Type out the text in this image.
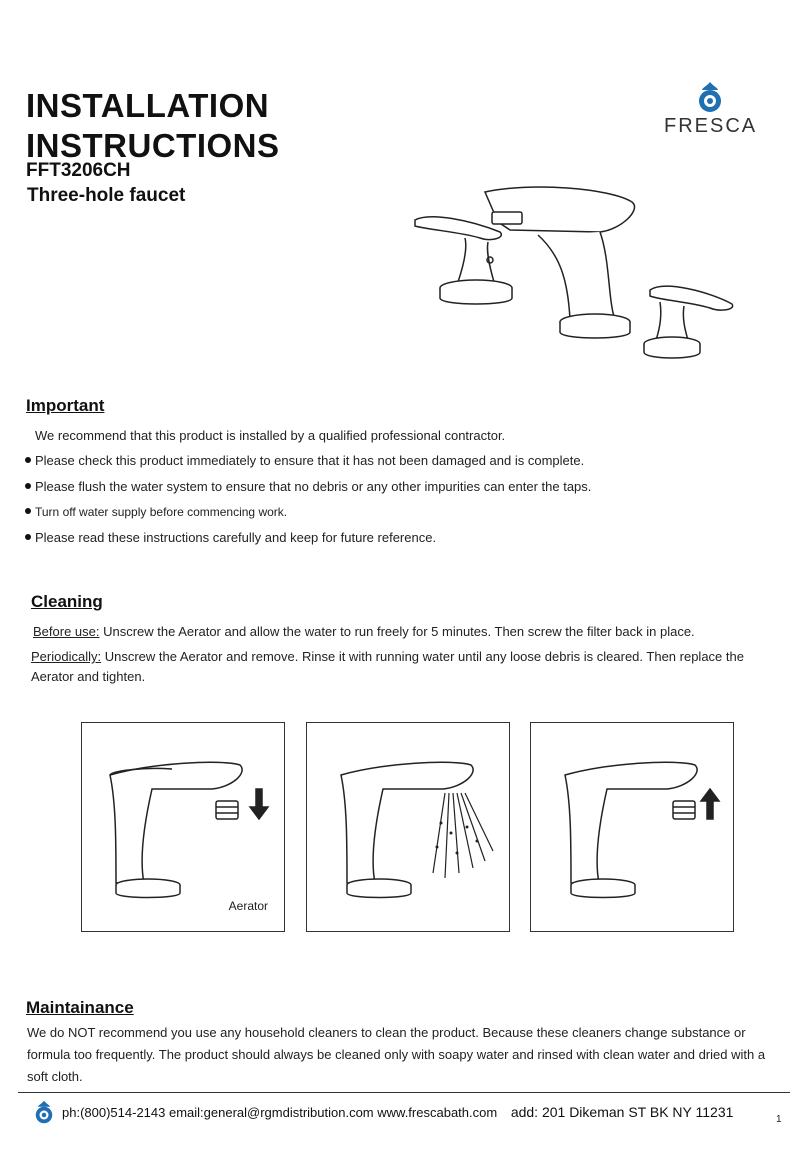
INSTALLATION
INSTRUCTIONS
FFT3206CH
Three-hole faucet
FRESCA
Important
We recommend that this product is installed by a qualified professional contractor.
Please check this product immediately to ensure that it has not been damaged and is complete.
Please flush the water system to ensure that no debris or any other impurities can enter the taps.
Turn off water supply before commencing work.
Please read these instructions carefully and keep for future reference.
Cleaning
Before use: Unscrew the Aerator and allow the water to run freely for 5 minutes. Then screw the filter back in place.
Periodically: Unscrew the Aerator and remove. Rinse it with running water until any loose debris is cleared. Then replace the Aerator and tighten.
Aerator
Maintainance
We do NOT recommend you use any household cleaners to clean the product. Because these cleaners change substance or formula too frequently. The product should always be cleaned only with soapy water and rinsed with clean water and dried with a soft cloth.
ph:(800)514-2143 email:general@rgmdistribution.com www.frescabath.com add: 201 Dikeman ST BK NY 11231	1
